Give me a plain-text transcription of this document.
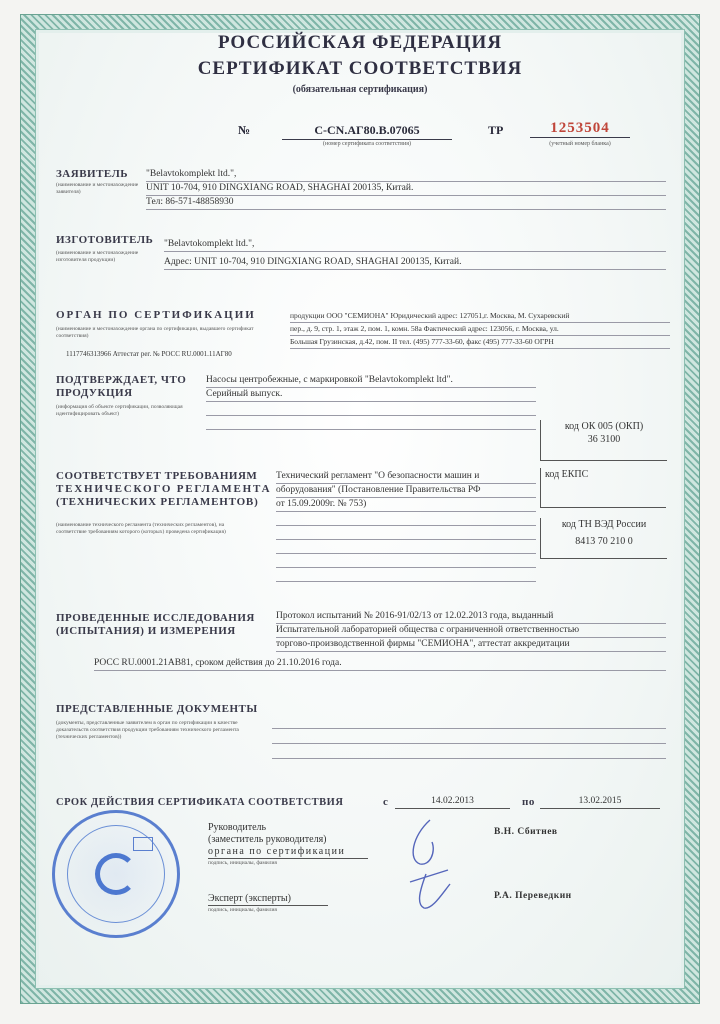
РОССИЙСКАЯ ФЕДЕРАЦИЯ
СЕРТИФИКАТ СООТВЕТСТВИЯ
(обязательная сертификация)
№	С-CN.АГ80.В.07065
(номер сертификата соответствия)
ТР	1253504
(учетный номер бланка)
ЗАЯВИТЕЛЬ
(наименование и местонахождение заявителя)
"Belavtokomplekt ltd.",
UNIT 10-704, 910 DINGXIANG ROAD, SHAGHAI 200135, Китай.
Тел: 86-571-48858930
ИЗГОТОВИТЕЛЬ
(наименование и местонахождение изготовителя продукции)
"Belavtokomplekt ltd.",
Адрес: UNIT 10-704, 910 DINGXIANG ROAD, SHAGHAI 200135, Китай.
ОРГАН ПО СЕРТИФИКАЦИИ
(наименование и местонахождение органа по сертификации, выдавшего сертификат соответствия)
продукции ООО "СЕМИОНА" Юридический адрес: 127051,г. Москва, М. Сухаревский
пер., д. 9, стр. 1, этаж 2, пом. 1, комн. 58а Фактический адрес: 123056, г. Москва, ул.
Большая Грузинская, д.42, пом. II тел. (495) 777-33-60, факс (495) 777-33-60 ОГРН
1117746313966 Аттестат рег. № РОСС RU.0001.11АГ80
ПОДТВЕРЖДАЕТ, ЧТО
ПРОДУКЦИЯ
(информация об объекте сертификации, позволяющая идентифицировать объект)
Насосы центробежные, с маркировкой "Belavtokomplekt ltd".
Серийный выпуск.
код ОК 005 (ОКП)
36 3100
код ЕКПС
код ТН ВЭД России
8413 70 210 0
СООТВЕТСТВУЕТ ТРЕБОВАНИЯМ
ТЕХНИЧЕСКОГО РЕГЛАМЕНТА
(ТЕХНИЧЕСКИХ РЕГЛАМЕНТОВ)
(наименование технического регламента (технических регламентов), на соответствие требованиям которого (которых) проведена сертификация)
Технический регламент "О безопасности машин и
оборудования" (Постановление Правительства РФ
от 15.09.2009г. № 753)
ПРОВЕДЕННЫЕ ИССЛЕДОВАНИЯ
(ИСПЫТАНИЯ) И ИЗМЕРЕНИЯ
Протокол испытаний № 2016-91/02/13 от 12.02.2013 года, выданный
Испытательной лабораторией общества с ограниченной ответственностью
торгово-производственной фирмы "СЕМИОНА", аттестат аккредитации
РОСС RU.0001.21АВ81, сроком действия до 21.10.2016 года.
ПРЕДСТАВЛЕННЫЕ ДОКУМЕНТЫ
(документы, представленные заявителем в орган по сертификации в качестве доказательств соответствия продукции требованиям технического регламента (технических регламентов))
СРОК ДЕЙСТВИЯ СЕРТИФИКАТА СООТВЕТСТВИЯ	с	14.02.2013	по	13.02.2015
Руководитель
(заместитель руководителя)
органа по сертификации
подпись, инициалы, фамилия
В.Н. Сбитнев
Эксперт (эксперты)
подпись, инициалы, фамилия
Р.А. Переведкин
